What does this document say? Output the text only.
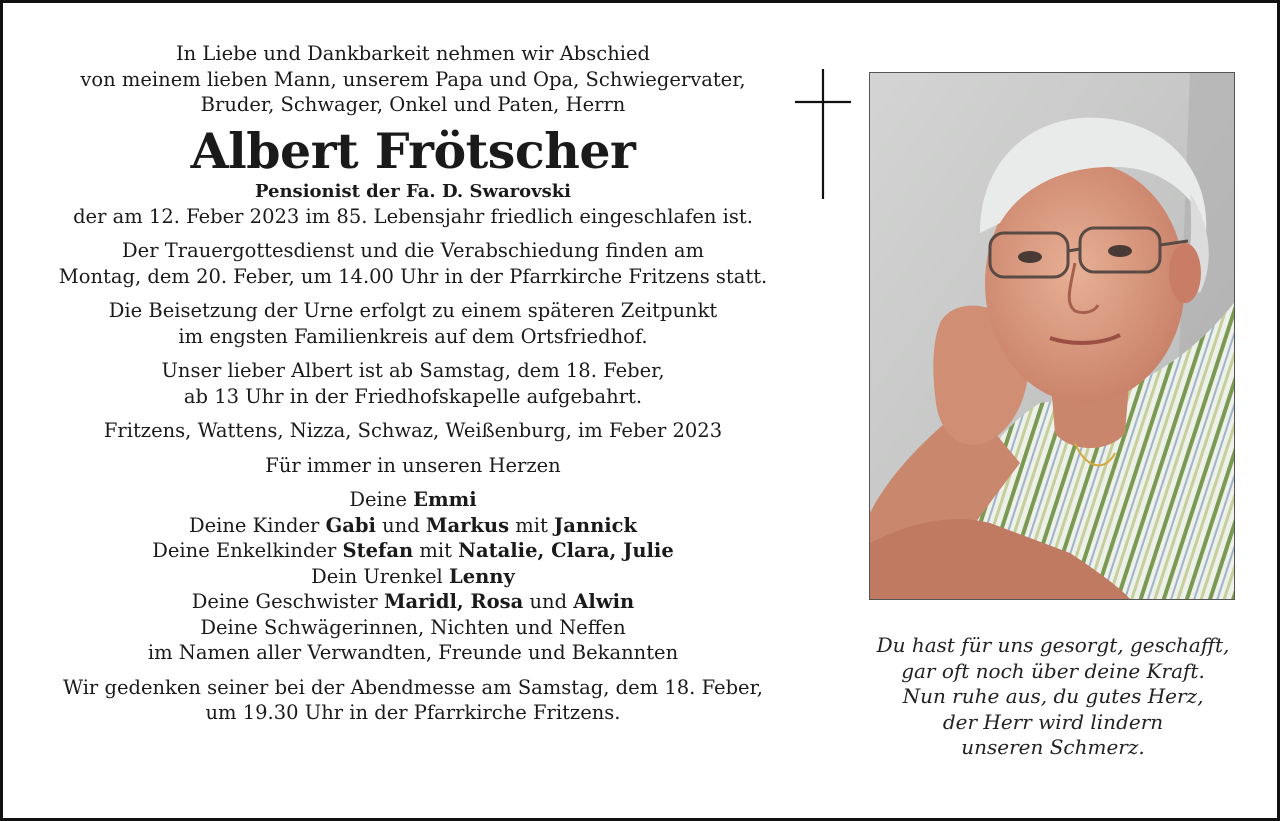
In Liebe und Dankbarkeit nehmen wir Abschied

von meinem lieben Mann, unserem Papa und Opa, Schwiegervater,

Bruder, Schwager, Onkel und Paten, Herrn

Albert Frötscher

Pensionist der Fa. D. Swarovski

der am 12. Feber 2023 im 85. Lebensjahr friedlich eingeschlafen ist.

Der Trauergottesdienst und die Verabschiedung finden am

Montag, dem 20. Feber, um 14.00 Uhr in der Pfarrkirche Fritzens statt.

Die Beisetzung der Urne erfolgt zu einem späteren Zeitpunkt

im engsten Familienkreis auf dem Ortsfriedhof.

Unser lieber Albert ist ab Samstag, dem 18. Feber,

ab 13 Uhr in der Friedhofskapelle aufgebahrt.

Fritzens, Wattens, Nizza, Schwaz, Weißenburg, im Feber 2023

Für immer in unseren Herzen

Deine Emmi

Deine Kinder Gabi und Markus mit Jannick

Deine Enkelkinder Stefan mit Natalie, Clara, Julie

Dein Urenkel Lenny

Deine Geschwister Maridl, Rosa und Alwin

Deine Schwägerinnen, Nichten und Neffen

im Namen aller Verwandten, Freunde und Bekannten

Wir gedenken seiner bei der Abendmesse am Samstag, dem 18. Feber,

um 19.30 Uhr in der Pfarrkirche Fritzens.

Du hast für uns gesorgt, geschafft,

gar oft noch über deine Kraft.

Nun ruhe aus, du gutes Herz,

der Herr wird lindern

unseren Schmerz.
